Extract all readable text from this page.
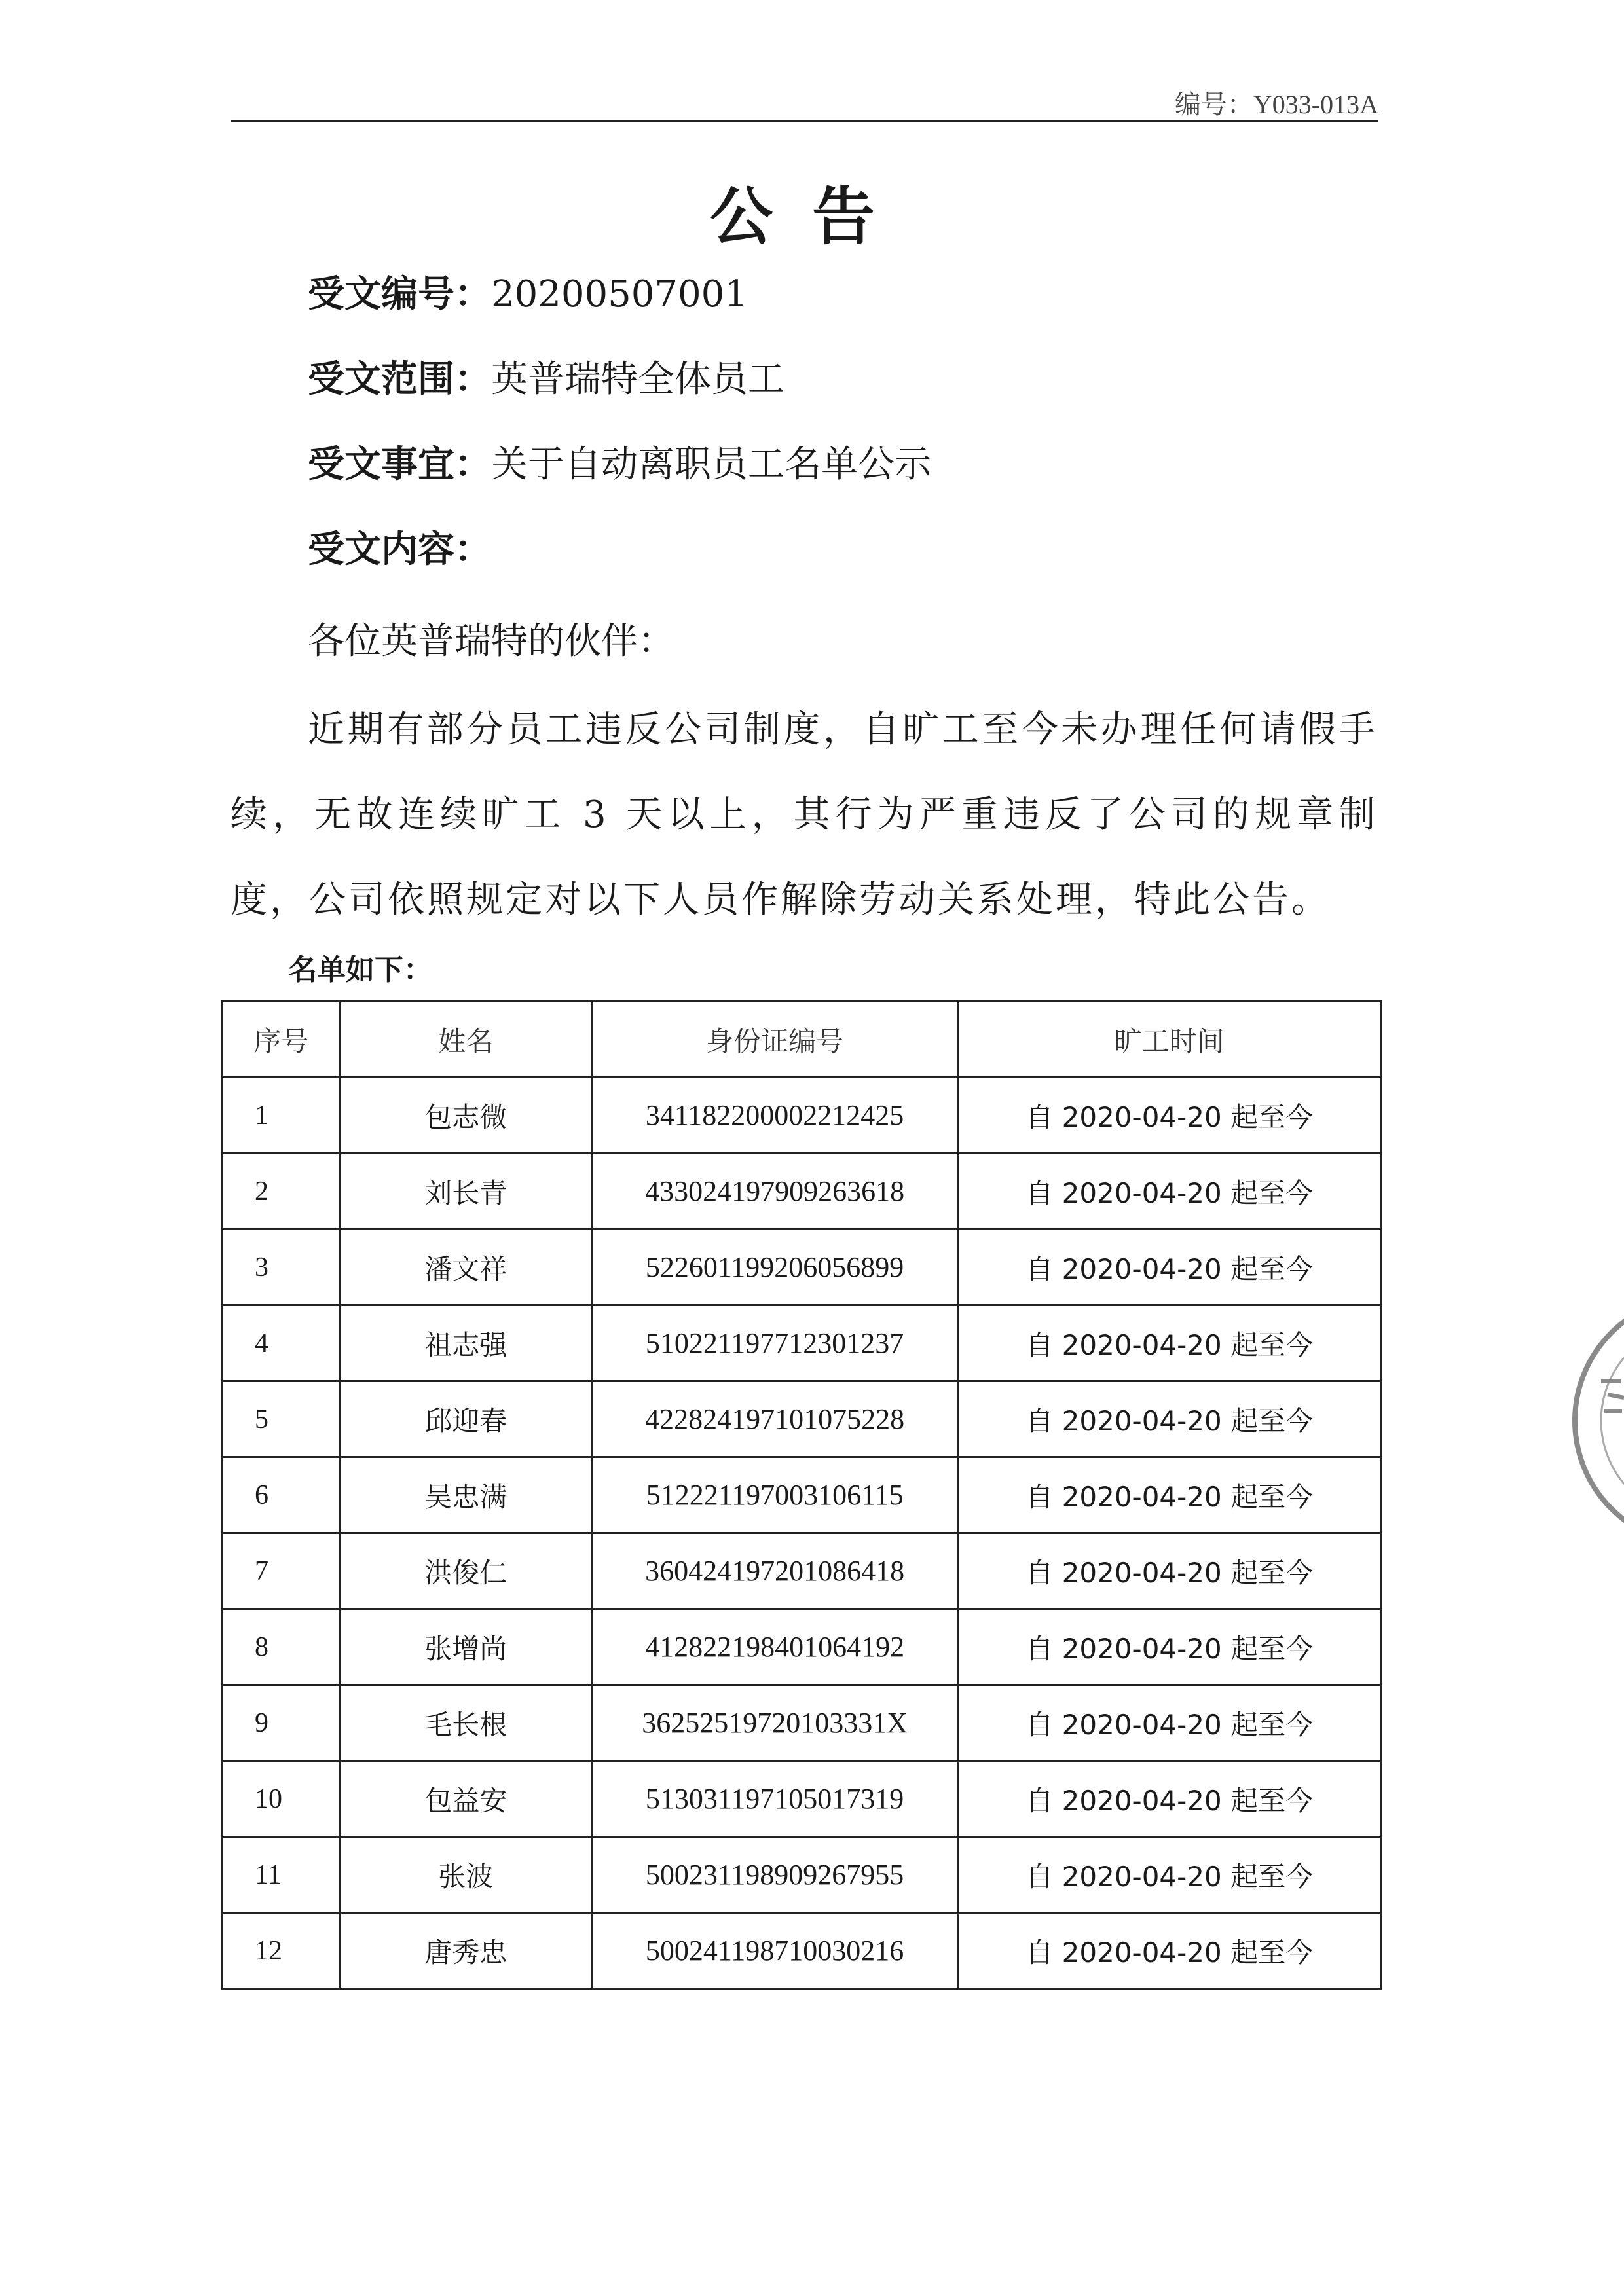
编号：Y033-013A
公告
受文编号：20200507001
受文范围：英普瑞特全体员工
受文事宜：关于自动离职员工名单公示
受文内容：
各位英普瑞特的伙伴：
近期有部分员工违反公司制度，自旷工至今未办理任何请假手续，无故连续旷工 3 天以上，其行为严重违反了公司的规章制度，公司依照规定对以下人员作解除劳动关系处理，特此公告。
名单如下：
序号	姓名	身份证编号	旷工时间
1	包志微	341182200002212425	自 2020-04-20 起至今
2	刘长青	433024197909263618	自 2020-04-20 起至今
3	潘文祥	522601199206056899	自 2020-04-20 起至今
4	祖志强	510221197712301237	自 2020-04-20 起至今
5	邱迎春	422824197101075228	自 2020-04-20 起至今
6	吴忠满	512221197003106115	自 2020-04-20 起至今
7	洪俊仁	360424197201086418	自 2020-04-20 起至今
8	张增尚	412822198401064192	自 2020-04-20 起至今
9	毛长根	36252519720103331X	自 2020-04-20 起至今
10	包益安	513031197105017319	自 2020-04-20 起至今
11	张波	500231198909267955	自 2020-04-20 起至今
12	唐秀忠	500241198710030216	自 2020-04-20 起至今
